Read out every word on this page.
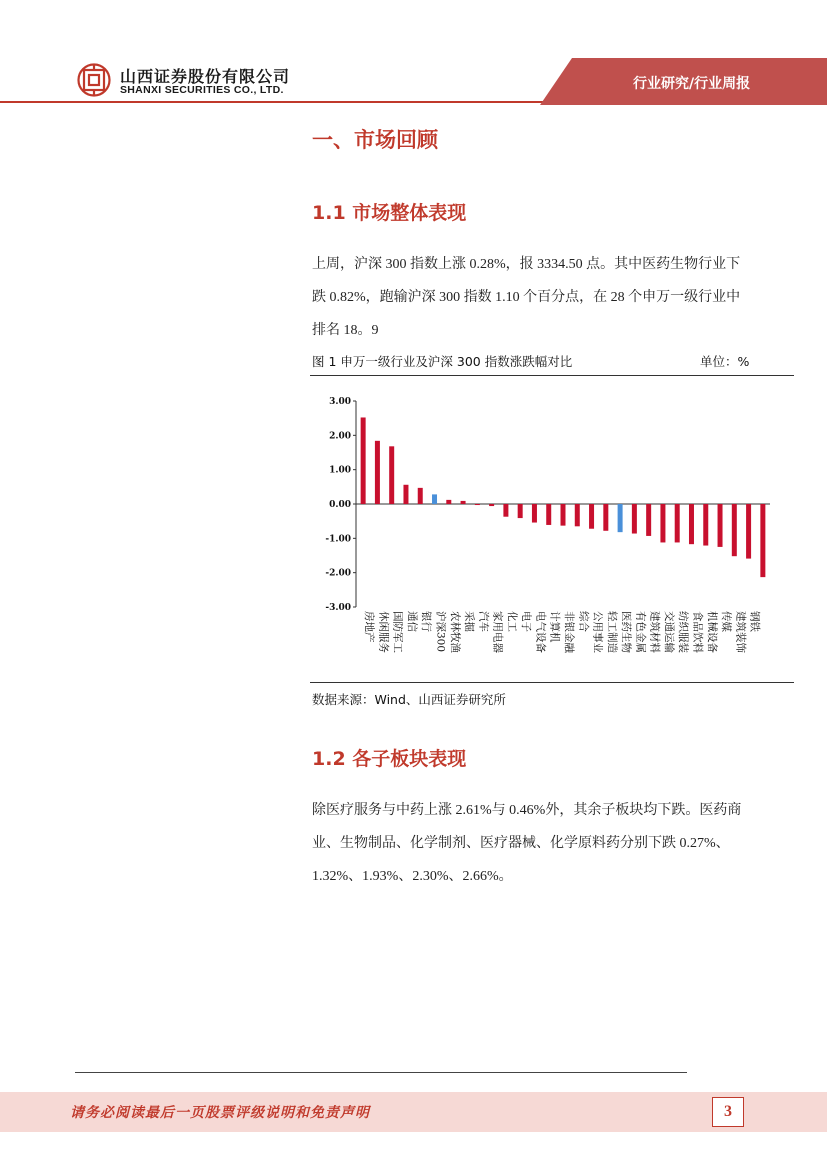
行业研究/行业周报
山西证券股份有限公司
SHANXI SECURITIES CO., LTD.
一、市场回顾
1.1 市场整体表现
上周，沪深 300 指数上涨 0.28%，报 3334.50 点。其中医药生物行业下
跌 0.82%，跑输沪深 300 指数 1.10 个百分点，在 28 个申万一级行业中
排名 18。9
图 1 申万一级行业及沪深 300 指数涨跌幅对比	单位：%
3.00
2.00
1.00
0.00
-1.00
-2.00
-3.00
房地产 休闲服务 国防军工 通信 银行 沪深300 农林牧渔 采掘 汽车 家用电器 化工 电子 电气设备 计算机 非银金融 综合 公用事业 轻工制造 医药生物 有色金属 建筑材料 交通运输 纺织服装 食品饮料 机械设备 传媒 建筑装饰 钢铁
数据来源：Wind、山西证券研究所
1.2 各子板块表现
除医疗服务与中药上涨 2.61%与 0.46%外，其余子板块均下跌。医药商
业、生物制品、化学制剂、医疗器械、化学原料药分别下跌 0.27%、
1.32%、1.93%、2.30%、2.66%。
请务必阅读最后一页股票评级说明和免责声明	3
